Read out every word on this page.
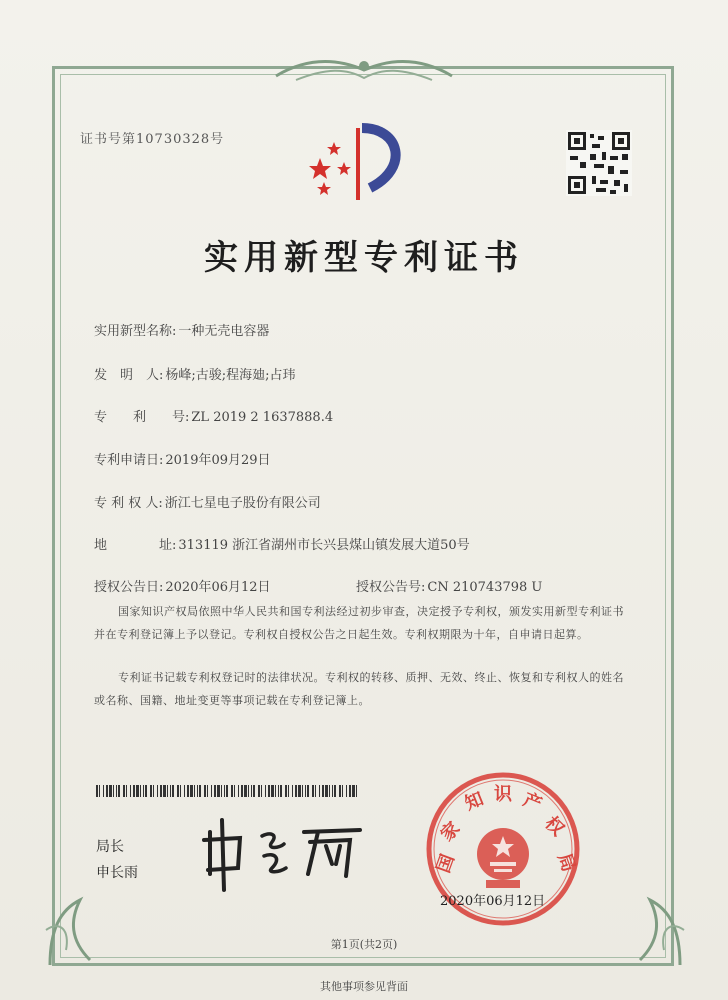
证书号第10730328号
实用新型专利证书
实用新型名称: 一种无壳电容器
发　明　人: 杨峰;古骏;程海廸;占玮
专　　利　　号: ZL 2019 2 1637888.4
专利申请日: 2019年09月29日
专 利 权 人: 浙江七星电子股份有限公司
地　　　　址: 313119 浙江省湖州市长兴县煤山镇发展大道50号
授权公告日: 2020年06月12日	授权公告号: CN 210743798 U

国家知识产权局依照中华人民共和国专利法经过初步审查，决定授予专利权，颁发实用新型专利证书并在专利登记簿上予以登记。专利权自授权公告之日起生效。专利权期限为十年，自申请日起算。

专利证书记载专利权登记时的法律状况。专利权的转移、质押、无效、终止、恢复和专利权人的姓名或名称、国籍、地址变更等事项记载在专利登记簿上。

局长
申长雨	国
家
知 识 产
权
局
2020年06月12日
第1页(共2页)
其他事项参见背面
